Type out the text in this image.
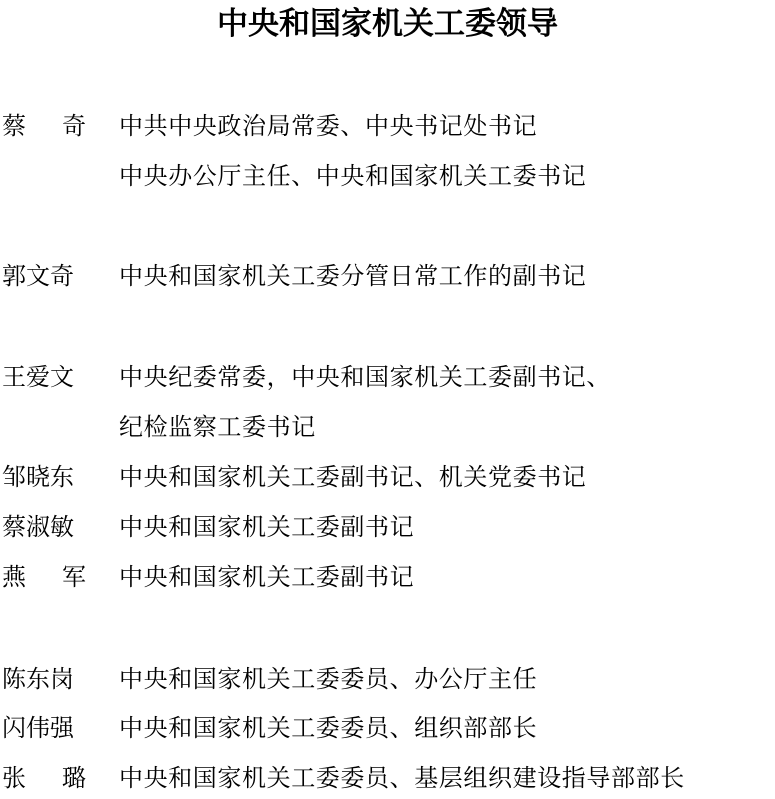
中央和国家机关工委领导
蔡 奇 中共中央政治局常委、中央书记处书记
中央办公厅主任、中央和国家机关工委书记
郭文奇	中央和国家机关工委分管日常工作的副书记
王爱文	中央纪委常委，中央和国家机关工委副书记、
纪检监察工委书记
邹晓东	中央和国家机关工委副书记、机关党委书记
蔡淑敏	中央和国家机关工委副书记
燕 军 中央和国家机关工委副书记
陈东岗	中央和国家机关工委委员、办公厅主任
闪伟强	中央和国家机关工委委员、组织部部长
张 璐 中央和国家机关工委委员、基层组织建设指导部部长
